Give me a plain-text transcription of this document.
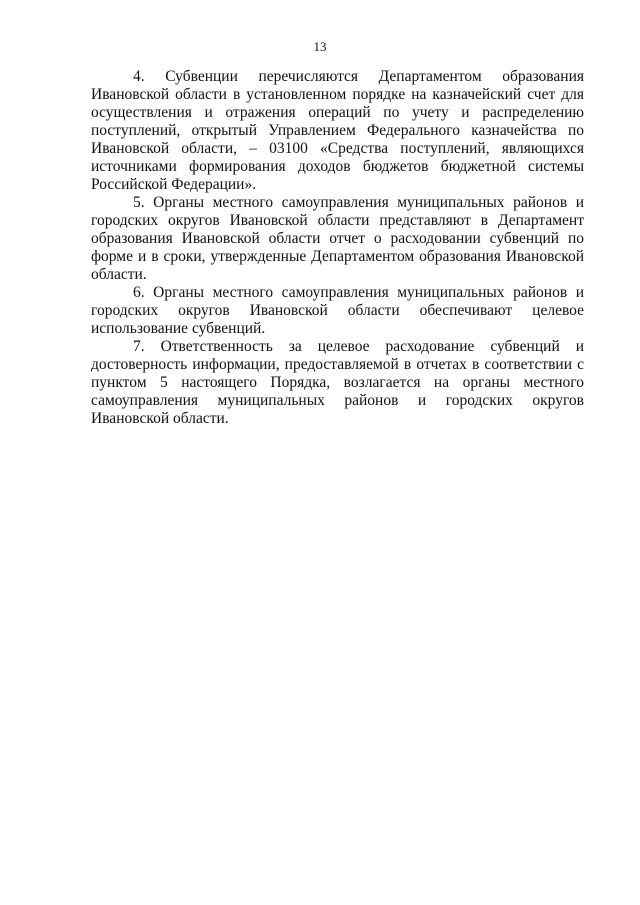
13

4. Субвенции перечисляются Департаментом образования Ивановской области в установленном порядке на казначейский счет для осуществления и отражения операций по учету и распределению поступлений, открытый Управлением Федерального казначейства по Ивановской области, – 03100 «Средства поступлений, являющихся источниками формирования доходов бюджетов бюджетной системы Российской Федерации».

5. Органы местного самоуправления муниципальных районов и городских округов Ивановской области представляют в Департамент образования Ивановской области отчет о расходовании субвенций по форме и в сроки, утвержденные Департаментом образования Ивановской области.

6. Органы местного самоуправления муниципальных районов и городских округов Ивановской области обеспечивают целевое использование субвенций.

7. Ответственность за целевое расходование субвенций и достоверность информации, предоставляемой в отчетах в соответствии с пунктом 5 настоящего Порядка, возлагается на органы местного самоуправления муниципальных районов и городских округов Ивановской области.
